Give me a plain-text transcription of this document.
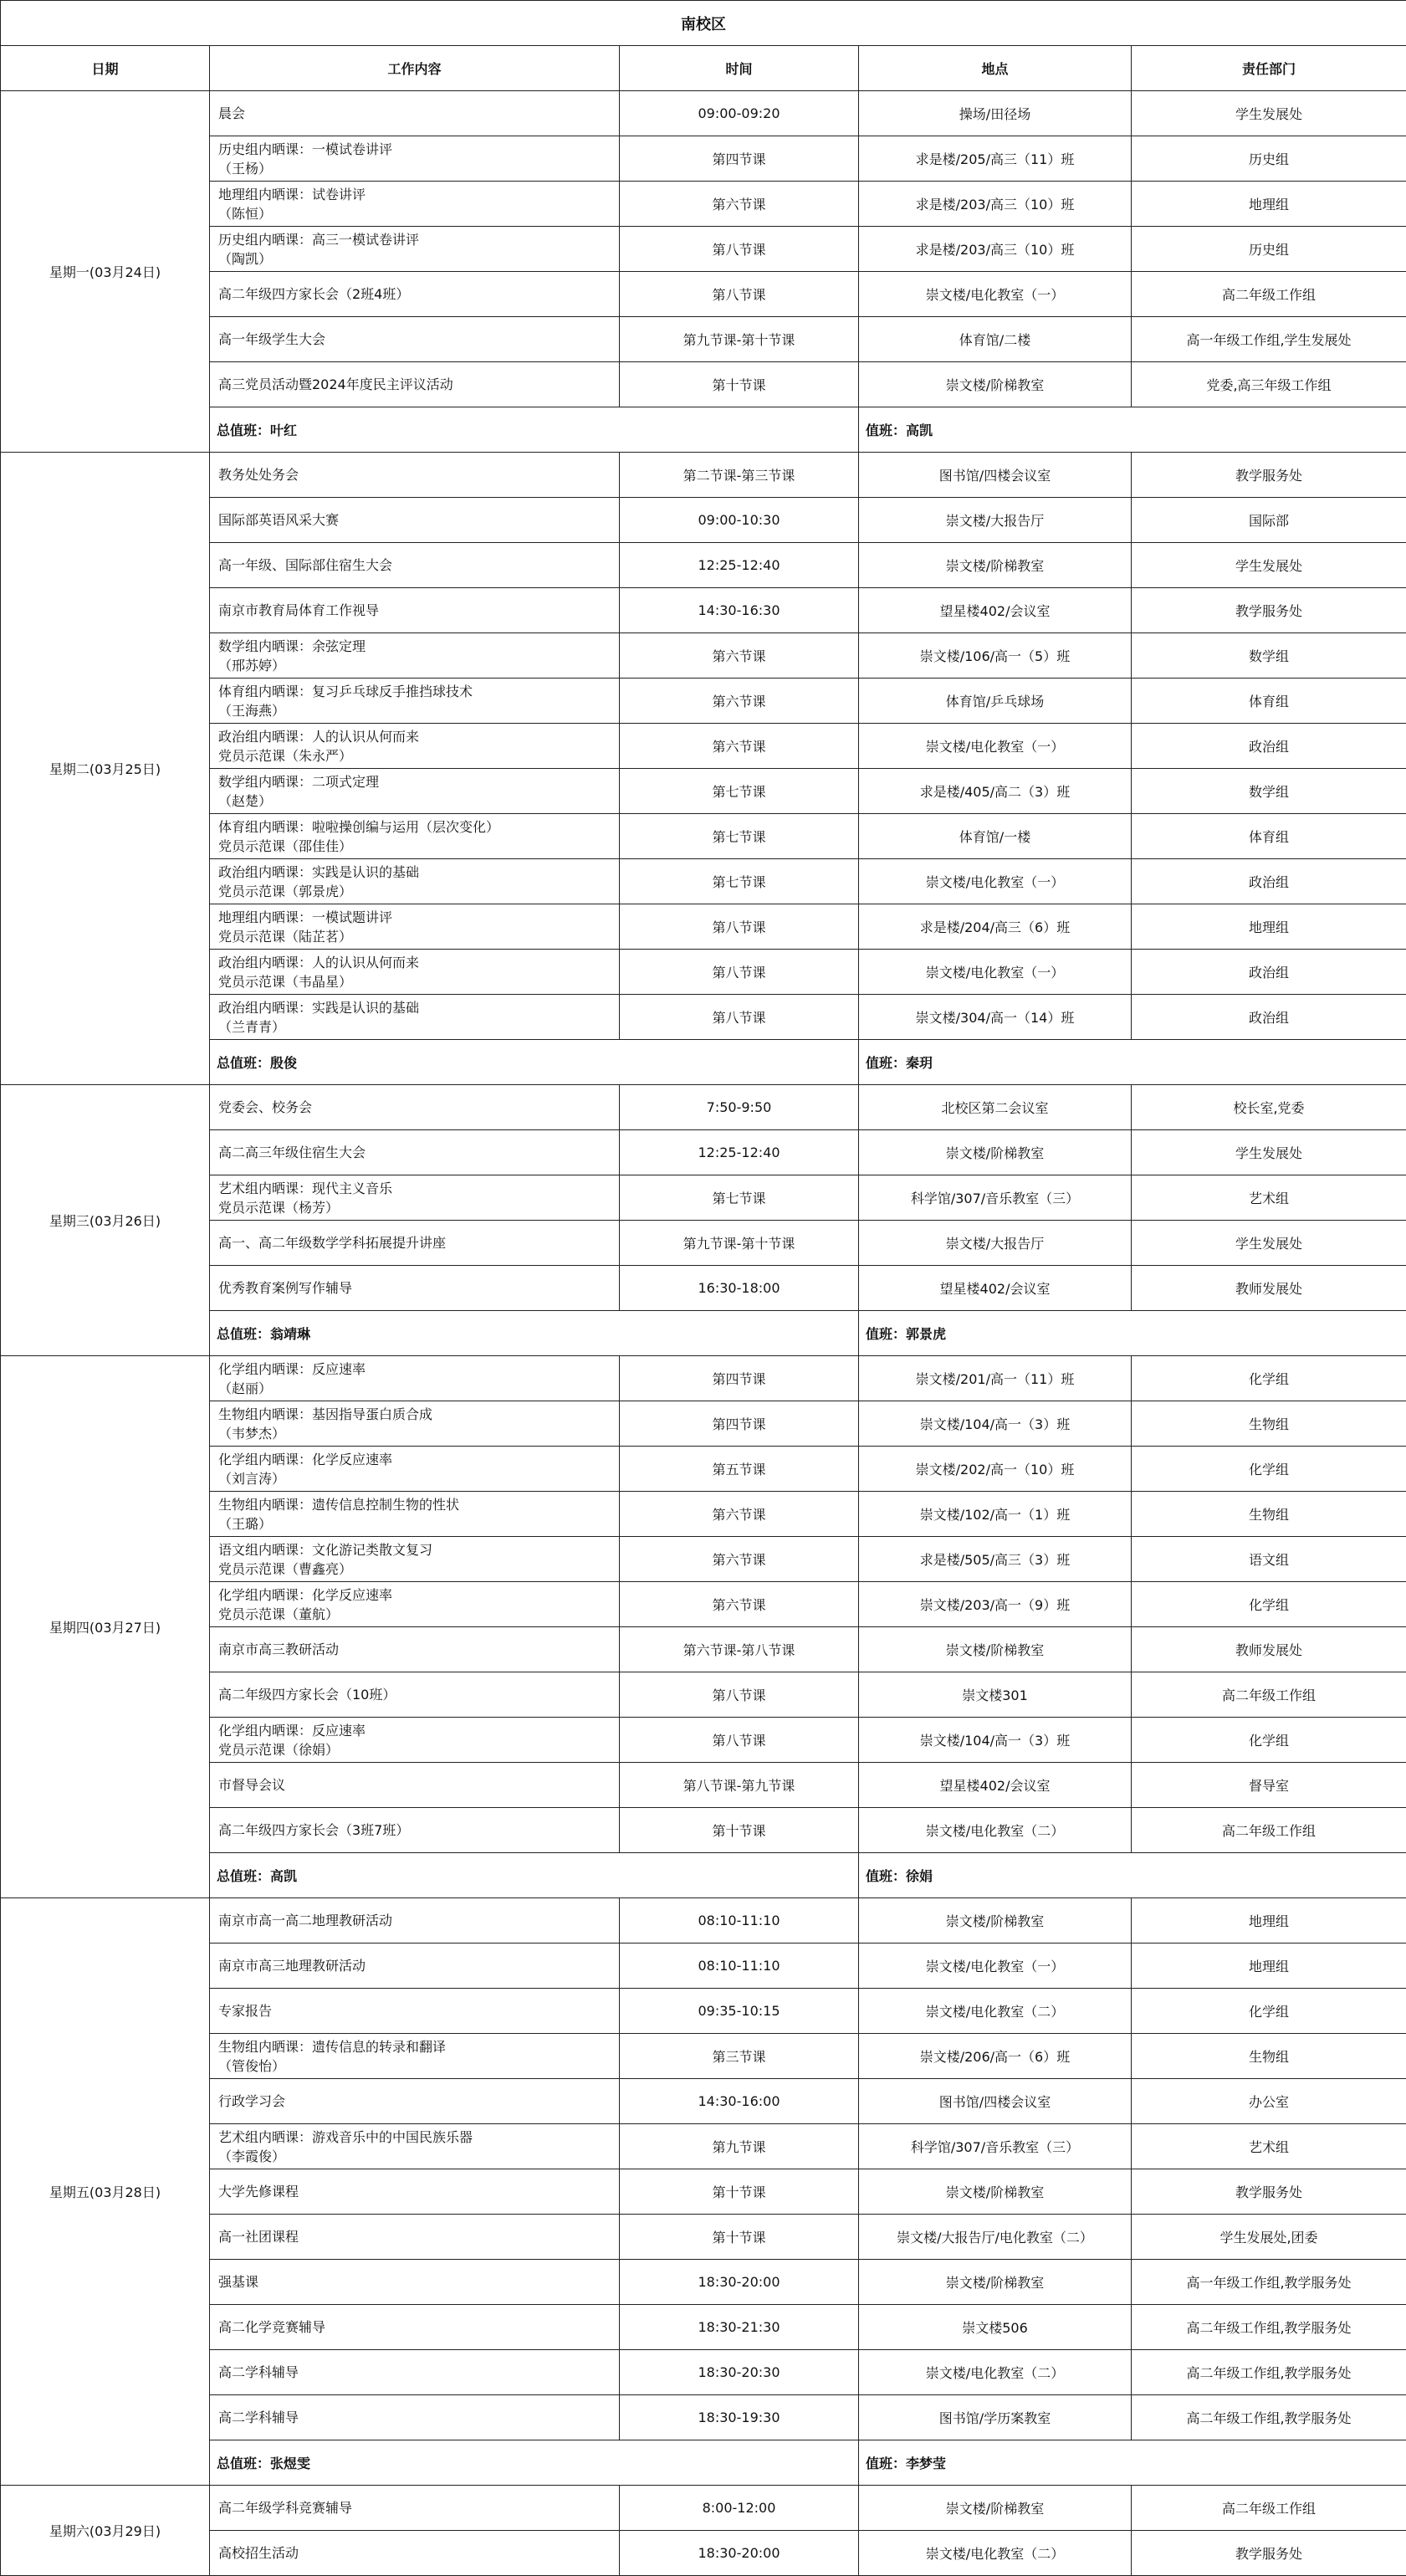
南校区				
日期	工作内容	时间	地点	责任部门
星期一(03月24日)	晨会	09:00-09:20	操场/田径场	学生发展处

	历史组内晒课：一模试卷讲评
（王杨）	第四节课	求是楼/205/高三（11）班	历史组

	地理组内晒课：试卷讲评
（陈恒）	第六节课	求是楼/203/高三（10）班	地理组

	历史组内晒课：高三一模试卷讲评
（陶凯）	第八节课	求是楼/203/高三（10）班	历史组

	高二年级四方家长会（2班4班）	第八节课	崇文楼/电化教室（一）	高二年级工作组

	高一年级学生大会	第九节课-第十节课	体育馆/二楼	高一年级工作组,学生发展处

	高三党员活动暨2024年度民主评议活动	第十节课	崇文楼/阶梯教室	党委,高三年级工作组
	总值班：叶红		值班：高凯	
星期二(03月25日)	教务处处务会	第二节课-第三节课	图书馆/四楼会议室	教学服务处

	国际部英语风采大赛	09:00-10:30	崇文楼/大报告厅	国际部

	高一年级、国际部住宿生大会	12:25-12:40	崇文楼/阶梯教室	学生发展处

	南京市教育局体育工作视导	14:30-16:30	望星楼402/会议室	教学服务处

	数学组内晒课：余弦定理
（邢苏婷）	第六节课	崇文楼/106/高一（5）班	数学组

	体育组内晒课：复习乒乓球反手推挡球技术
（王海燕）	第六节课	体育馆/乒乓球场	体育组

	政治组内晒课：人的认识从何而来
党员示范课（朱永严）	第六节课	崇文楼/电化教室（一）	政治组

	数学组内晒课：二项式定理
（赵楚）	第七节课	求是楼/405/高二（3）班	数学组

	体育组内晒课：啦啦操创编与运用（层次变化）
党员示范课（邵佳佳）	第七节课	体育馆/一楼	体育组

	政治组内晒课：实践是认识的基础
党员示范课（郭景虎）	第七节课	崇文楼/电化教室（一）	政治组

	地理组内晒课：一模试题讲评
党员示范课（陆芷茗）	第八节课	求是楼/204/高三（6）班	地理组

	政治组内晒课：人的认识从何而来
党员示范课（韦晶星）	第八节课	崇文楼/电化教室（一）	政治组

	政治组内晒课：实践是认识的基础
（兰青青）	第八节课	崇文楼/304/高一（14）班	政治组
	总值班：殷俊		值班：秦玥	
星期三(03月26日)	党委会、校务会	7:50-9:50	北校区第二会议室	校长室,党委

	高二高三年级住宿生大会	12:25-12:40	崇文楼/阶梯教室	学生发展处

	艺术组内晒课：现代主义音乐
党员示范课（杨芳）	第七节课	科学馆/307/音乐教室（三）	艺术组

	高一、高二年级数学学科拓展提升讲座	第九节课-第十节课	崇文楼/大报告厅	学生发展处

	优秀教育案例写作辅导	16:30-18:00	望星楼402/会议室	教师发展处
	总值班：翁靖琳		值班：郭景虎	
星期四(03月27日)	化学组内晒课：反应速率
（赵丽）	第四节课	崇文楼/201/高一（11）班	化学组

	生物组内晒课：基因指导蛋白质合成
（韦梦杰）	第四节课	崇文楼/104/高一（3）班	生物组

	化学组内晒课：化学反应速率
（刘言涛）	第五节课	崇文楼/202/高一（10）班	化学组

	生物组内晒课：遗传信息控制生物的性状
（王璐）	第六节课	崇文楼/102/高一（1）班	生物组

	语文组内晒课：文化游记类散文复习
党员示范课（曹鑫亮）	第六节课	求是楼/505/高三（3）班	语文组

	化学组内晒课：化学反应速率
党员示范课（董航）	第六节课	崇文楼/203/高一（9）班	化学组

	南京市高三教研活动	第六节课-第八节课	崇文楼/阶梯教室	教师发展处

	高二年级四方家长会（10班）	第八节课	崇文楼301	高二年级工作组

	化学组内晒课：反应速率
党员示范课（徐娟）	第八节课	崇文楼/104/高一（3）班	化学组

	市督导会议	第八节课-第九节课	望星楼402/会议室	督导室

	高二年级四方家长会（3班7班）	第十节课	崇文楼/电化教室（二）	高二年级工作组
	总值班：高凯		值班：徐娟	
星期五(03月28日)	南京市高一高二地理教研活动	08:10-11:10	崇文楼/阶梯教室	地理组

	南京市高三地理教研活动	08:10-11:10	崇文楼/电化教室（一）	地理组

	专家报告	09:35-10:15	崇文楼/电化教室（二）	化学组

	生物组内晒课：遗传信息的转录和翻译
（管俊怡）	第三节课	崇文楼/206/高一（6）班	生物组

	行政学习会	14:30-16:00	图书馆/四楼会议室	办公室

	艺术组内晒课：游戏音乐中的中国民族乐器
（李霞俊）	第九节课	科学馆/307/音乐教室（三）	艺术组

	大学先修课程	第十节课	崇文楼/阶梯教室	教学服务处

	高一社团课程	第十节课	崇文楼/大报告厅/电化教室（二）	学生发展处,团委

	强基课	18:30-20:00	崇文楼/阶梯教室	高一年级工作组,教学服务处

	高二化学竞赛辅导	18:30-21:30	崇文楼506	高二年级工作组,教学服务处

	高二学科辅导	18:30-20:30	崇文楼/电化教室（二）	高二年级工作组,教学服务处

	高二学科辅导	18:30-19:30	图书馆/学历案教室	高二年级工作组,教学服务处
	总值班：张煜雯		值班：李梦莹	
星期六(03月29日)	高二年级学科竞赛辅导	8:00-12:00	崇文楼/阶梯教室	高二年级工作组

	高校招生活动	18:30-20:00	崇文楼/电化教室（二）	教学服务处
